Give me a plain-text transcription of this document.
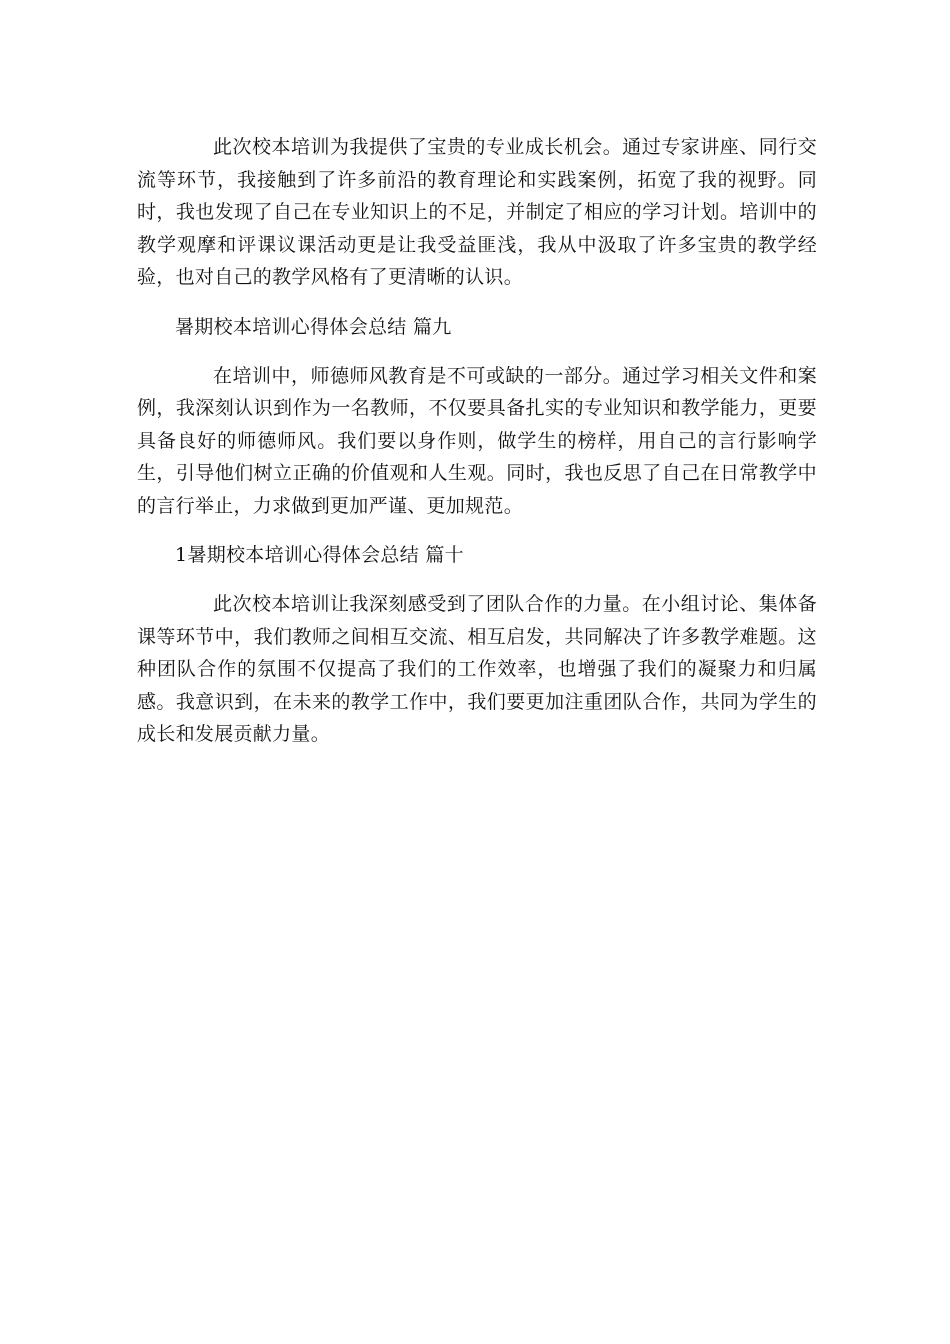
此次校本培训为我提供了宝贵的专业成长机会。通过专家讲座、同行交流等环节，我接触到了许多前沿的教育理论和实践案例，拓宽了我的视野。同时，我也发现了自己在专业知识上的不足，并制定了相应的学习计划。培训中的教学观摩和评课议课活动更是让我受益匪浅，我从中汲取了许多宝贵的教学经验，也对自己的教学风格有了更清晰的认识。

暑期校本培训心得体会总结 篇九

在培训中，师德师风教育是不可或缺的一部分。通过学习相关文件和案例，我深刻认识到作为一名教师，不仅要具备扎实的专业知识和教学能力，更要具备良好的师德师风。我们要以身作则，做学生的榜样，用自己的言行影响学生，引导他们树立正确的价值观和人生观。同时，我也反思了自己在日常教学中的言行举止，力求做到更加严谨、更加规范。

1暑期校本培训心得体会总结 篇十

此次校本培训让我深刻感受到了团队合作的力量。在小组讨论、集体备课等环节中，我们教师之间相互交流、相互启发，共同解决了许多教学难题。这种团队合作的氛围不仅提高了我们的工作效率，也增强了我们的凝聚力和归属感。我意识到，在未来的教学工作中，我们要更加注重团队合作，共同为学生的成长和发展贡献力量。
